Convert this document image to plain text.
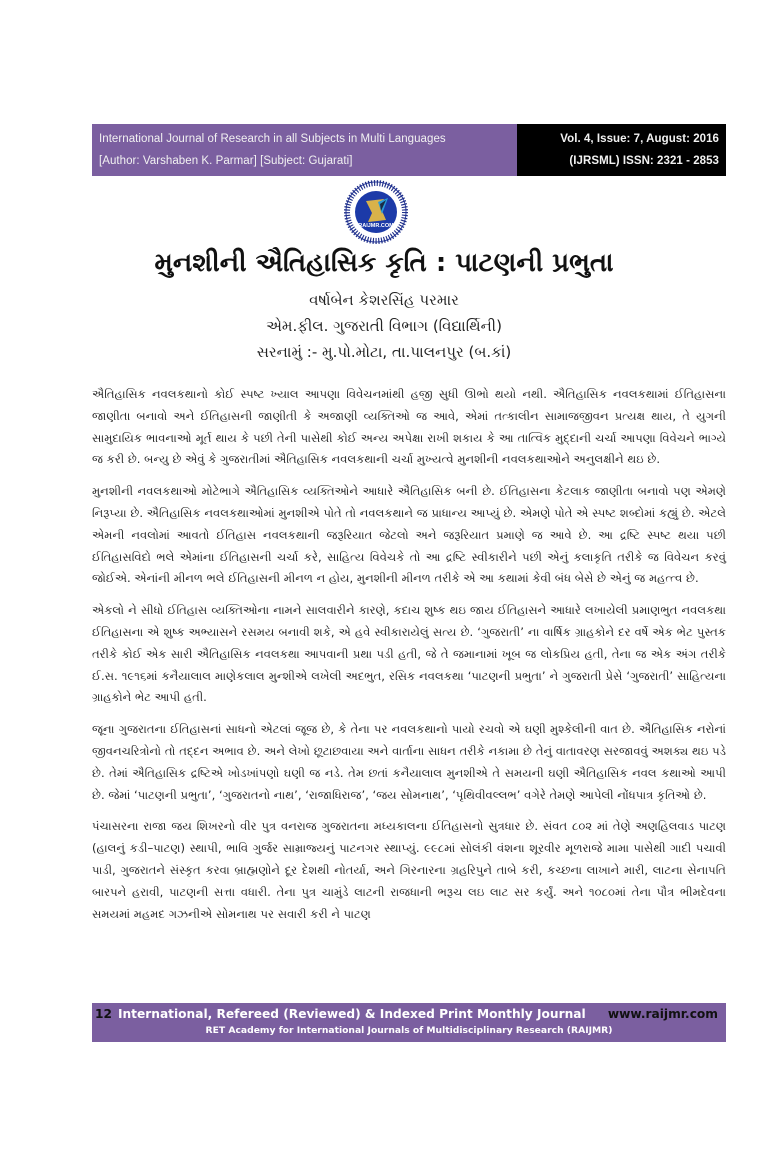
International Journal of Research in all Subjects in Multi Languages
[Author: Varshaben K. Parmar] [Subject: Gujarati]
Vol. 4, Issue: 7, August: 2016
(IJRSML) ISSN: 2321 - 2853
RAIJMR.COM
મુનશીની ઐતિહાસિક કૃતિ : પાટણની પ્રભુતા
વર્ષાબેન કેશરસિંહ પરમાર
એમ.ફીલ. ગુજરાતી વિભાગ (વિદ્યાર્થિની)
સરનામું :- મુ.પો.મોટા, તા.પાલનપુર (બ.કાં)

ઐતિહાસિક નવલકથાનો કોઈ સ્પષ્ટ ખ્યાલ આપણા વિવેચનમાંથી હજી સુધી ઊભો થયો નથી. ઐતિહાસિક નવલકથામાં ઈતિહાસના જાણીતા બનાવો અને ઈતિહાસની જાણીતી કે અજાણી વ્યક્તિઓ જ આવે, એમાં તત્કાલીન સામાજજીવન પ્રત્યક્ષ થાય, તે યુગની સામુદાયિક ભાવનાઓ મૂર્ત થાય કે પછી તેની પાસેથી કોઈ અન્ય અપેક્ષા રાખી શકાય કે આ તાત્વિક મુદ્દાની ચર્ચા આપણા વિવેચને ભાગ્યે જ કરી છે. બન્યુ છે એવું કે ગુજરાતીમાં ઐતિહાસિક નવલકથાની ચર્ચા મુખ્યત્વે મુનશીની નવલકથાઓને અનુલક્ષીને થઇ છે.

મુનશીની નવલકથાઓ મોટેભાગે ઐતિહાસિક વ્યક્તિઓને આધારે ઐતિહાસિક બની છે. ઈતિહાસના કેટલાક જાણીતા બનાવો પણ એમણે નિરૂપ્યા છે. ઐતિહાસિક નવલકથાઓમાં મુનશીએ પોતે તો નવલકથાને જ પ્રાધાન્ય આપ્યું છે. એમણે પોતે એ સ્પષ્ટ શબ્દોમાં કહ્યું છે. એટલે એમની નવલોમાં આવતો ઈતિહાસ નવલકથાની જરૂરિયાત જેટલો અને જરૂરિયાત પ્રમાણે જ આવે છે. આ દ્રષ્ટિ સ્પષ્ટ થયા પછી ઈતિહાસવિદો ભલે એમાંના ઈતિહાસની ચર્ચા કરે, સાહિત્ય વિવેચકે તો આ દ્રષ્ટિ સ્વીકારીને પછી એનું કલાકૃતિ તરીકે જ વિવેચન કરવું જોઈએ. એનાંની મીનળ ભલે ઈતિહાસની મીનળ ન હોય, મુનશીની મીનળ તરીકે એ આ કથામાં કેવી બંધ બેસે છે એનું જ મહત્ત્વ છે.

એકલો ને સીધો ઈતિહાસ વ્યક્તિઓના નામને સાલવારીને કારણે, કદાચ શુષ્ક થઇ જાય ઈતિહાસને આધારે લખાયેલી પ્રમાણભુત નવલકથા ઈતિહાસના એ શુષ્ક અભ્યાસને રસમય બનાવી શકે, એ હવે સ્વીકારાયેલું સત્ય છે. ‘ગુજરાતી’ ના વાર્ષિક ગ્રાહકોને દર વર્ષે એક ભેટ પુસ્તક તરીકે કોઈ એક સારી ઐતિહાસિક નવલકથા આપવાની પ્રથા પડી હતી, જે તે જમાનામાં ખૂબ જ લોકપ્રિય હતી, તેના જ એક અંગ તરીકે ઈ.સ. ૧૯૧૬માં કનૈયાલાલ માણેકલાલ મુન્શીએ લખેલી અદભુત, રસિક નવલકથા ‘પાટણની પ્રભુતા’ ને ગુજરાતી પ્રેસે ‘ગુજરાતી’ સાહિત્યના ગ્રાહકોને ભેટ આપી હતી.

જૂના ગુજરાતના ઈતિહાસનાં સાધનો એટલાં જૂજ છે, કે તેના પર નવલકથાનો પાયો રચવો એ ઘણી મુશ્કેલીની વાત છે. ઐતિહાસિક નરોનાં જીવનચરિત્રોનો તો તદ્દન અભાવ છે. અને લેખો છૂટાછવાયા અને વાર્તાના સાધન તરીકે નકામા છે તેનું વાતાવરણ સરજાવવું અશક્ય થઇ પડે છે. તેમાં ઐતિહાસિક દ્રષ્ટિએ ખોડખાંપણો ઘણી જ નડે. તેમ છતાં કનૈયાલાલ મુનશીએ તે સમયની ઘણી ઐતિહાસિક નવલ કથાઓ આપી છે. જેમાં ‘પાટણની પ્રભુતા’, ‘ગુજરાતનો નાથ’, ‘રાજાધિરાજ’, ‘જય સોમનાથ’, ‘પૃથિવીવલ્લભ’ વગેરે તેમણે આપેલી નોંધપાત્ર કૃતિઓ છે.

પંચાસરના રાજા જય શિખરનો વીર પુત્ર વનરાજ ગુજરાતના મધ્યકાલના ઈતિહાસનો સુત્રધાર છે. સંવત ૮૦૨ માં તેણે અણહિલવાડ પાટણ (હાલનું કડી–પાટણ) સ્થાપી, ભાવિ ગુર્જર સામ્રાજ્યનું પાટનગર સ્થાપ્યું. ૯૯૮માં સોલંકી વંશના શૂરવીર મૂળરાજે મામા પાસેથી ગાદી પચાવી પાડી, ગુજરાતને સંસ્કૃત કરવા બ્રાહ્મણોને દૂર દેશથી નોતર્યા, અને ગિરનારના ગ્રહરિપુને તાબે કરી, કચ્છના લાખાને મારી, લાટના સેનાપતિ બારપને હરાવી, પાટણની સત્તા વધારી. તેના પુત્ર ચામુંડે લાટની રાજધાની ભરૂચ લઇ લાટ સર કર્યું. અને ૧૦૮૦માં તેના પૌત્ર ભીમદેવના સમયમાં મહમદ ગઝનીએ સોમનાથ પર સવારી કરી ને પાટણ

12 International, Refereed (Reviewed) & Indexed Print Monthly Journal www.raijmr.com
RET Academy for International Journals of Multidisciplinary Research (RAIJMR)
